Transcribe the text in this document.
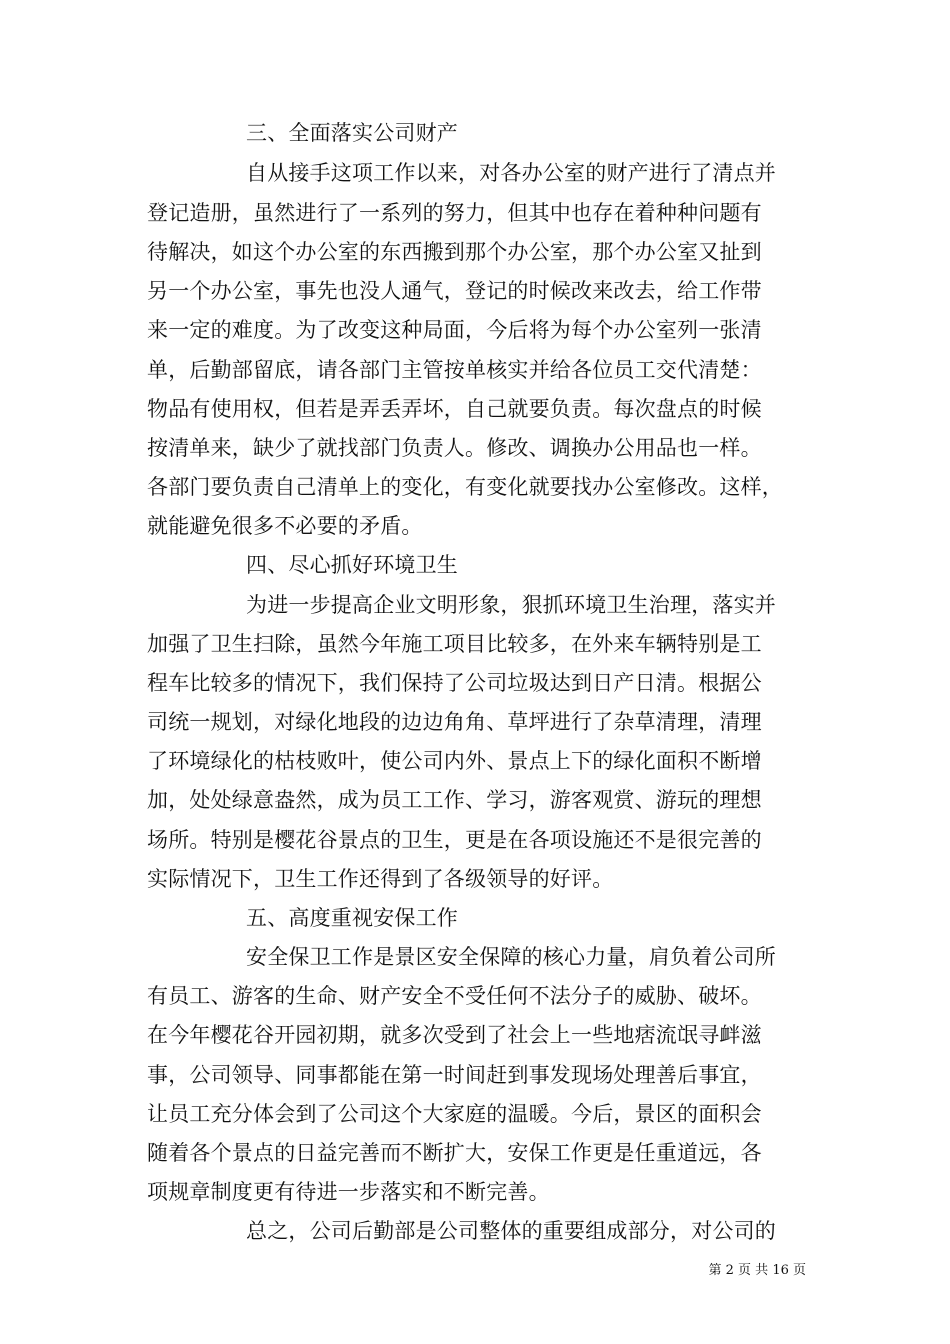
三、全面落实公司财产
自从接手这项工作以来，对各办公室的财产进行了清点并
登记造册，虽然进行了一系列的努力，但其中也存在着种种问题有
待解决，如这个办公室的东西搬到那个办公室，那个办公室又扯到
另一个办公室，事先也没人通气，登记的时候改来改去，给工作带
来一定的难度。为了改变这种局面，今后将为每个办公室列一张清
单，后勤部留底，请各部门主管按单核实并给各位员工交代清楚：
物品有使用权，但若是弄丢弄坏，自己就要负责。每次盘点的时候
按清单来，缺少了就找部门负责人。修改、调换办公用品也一样。
各部门要负责自己清单上的变化，有变化就要找办公室修改。这样，
就能避免很多不必要的矛盾。
四、尽心抓好环境卫生
为进一步提高企业文明形象，狠抓环境卫生治理，落实并
加强了卫生扫除，虽然今年施工项目比较多，在外来车辆特别是工
程车比较多的情况下，我们保持了公司垃圾达到日产日清。根据公
司统一规划，对绿化地段的边边角角、草坪进行了杂草清理，清理
了环境绿化的枯枝败叶，使公司内外、景点上下的绿化面积不断增
加，处处绿意盎然，成为员工工作、学习，游客观赏、游玩的理想
场所。特别是樱花谷景点的卫生，更是在各项设施还不是很完善的
实际情况下，卫生工作还得到了各级领导的好评。
五、高度重视安保工作
安全保卫工作是景区安全保障的核心力量，肩负着公司所
有员工、游客的生命、财产安全不受任何不法分子的威胁、破坏。
在今年樱花谷开园初期，就多次受到了社会上一些地痞流氓寻衅滋
事，公司领导、同事都能在第一时间赶到事发现场处理善后事宜，
让员工充分体会到了公司这个大家庭的温暖。今后，景区的面积会
随着各个景点的日益完善而不断扩大，安保工作更是任重道远，各
项规章制度更有待进一步落实和不断完善。
总之，公司后勤部是公司整体的重要组成部分，对公司的
第 2 页 共 16 页
